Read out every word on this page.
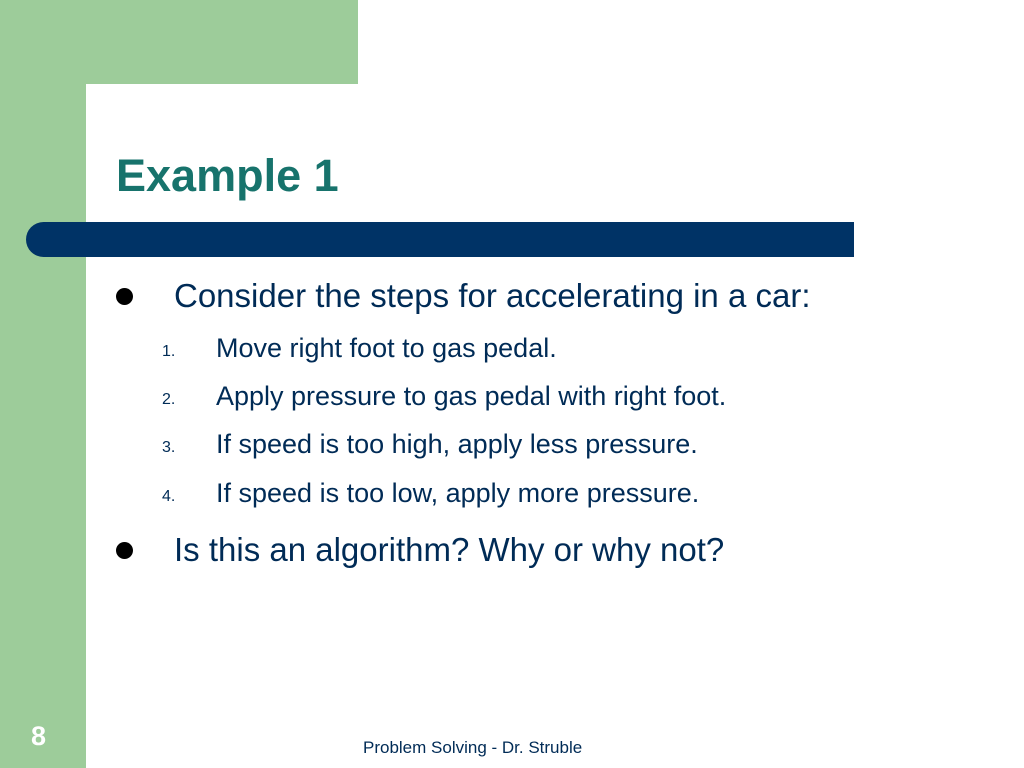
Example 1
Consider the steps for accelerating in a car:
1. Move right foot to gas pedal.
2. Apply pressure to gas pedal with right foot.
3. If speed is too high, apply less pressure.
4. If speed is too low, apply more pressure.
Is this an algorithm? Why or why not?
8	Problem Solving - Dr. Struble
